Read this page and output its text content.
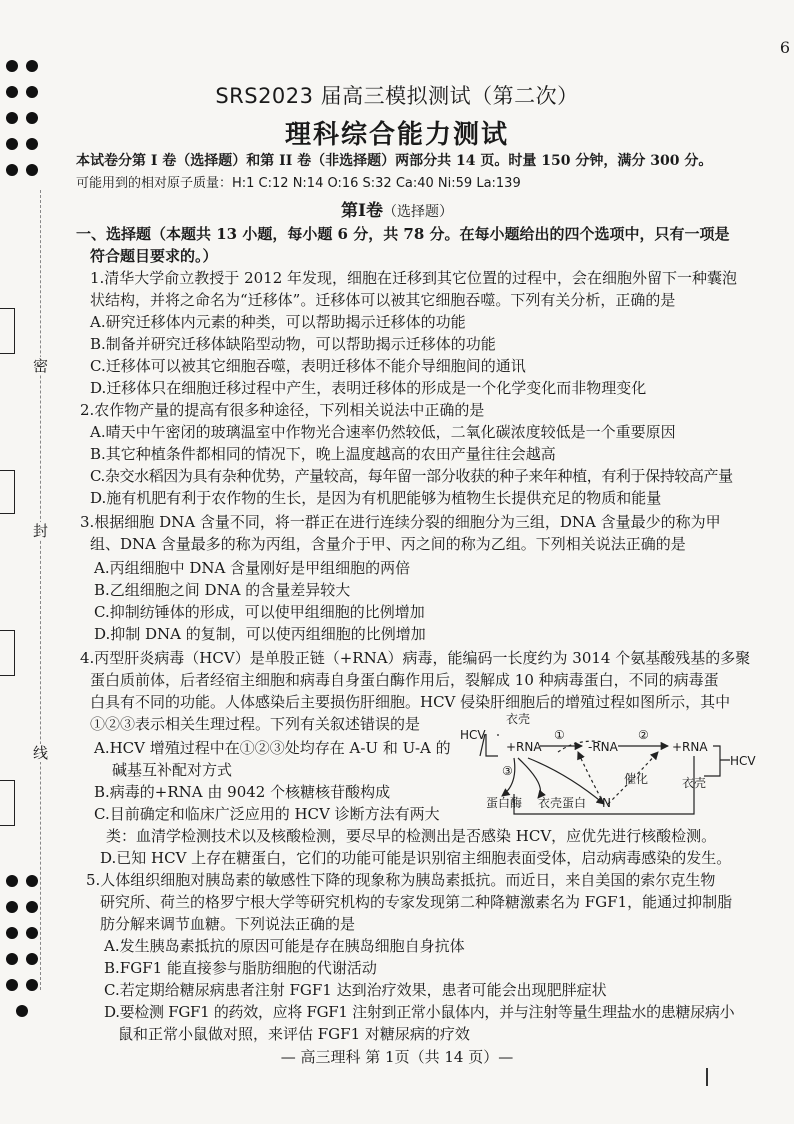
密
封
线
6
SRS2023 届高三模拟测试（第二次）
理科综合能力测试
本试卷分第 I 卷（选择题）和第 II 卷（非选择题）两部分共 14 页。时量 150 分钟，满分 300 分。
可能用到的相对原子质量：H:1 C:12 N:14 O:16 S:32 Ca:40 Ni:59 La:139
第Ⅰ卷（选择题）
一、选择题（本题共 13 小题，每小题 6 分，共 78 分。在每小题给出的四个选项中，只有一项是
符合题目要求的。）
1.清华大学俞立教授于 2012 年发现，细胞在迁移到其它位置的过程中，会在细胞外留下一种囊泡
状结构，并将之命名为“迁移体”。迁移体可以被其它细胞吞噬。下列有关分析，正确的是
A.研究迁移体内元素的种类，可以帮助揭示迁移体的功能
B.制备并研究迁移体缺陷型动物，可以帮助揭示迁移体的功能
C.迁移体可以被其它细胞吞噬，表明迁移体不能介导细胞间的通讯
D.迁移体只在细胞迁移过程中产生，表明迁移体的形成是一个化学变化而非物理变化
2.农作物产量的提高有很多种途径，下列相关说法中正确的是
A.晴天中午密闭的玻璃温室中作物光合速率仍然较低，二氧化碳浓度较低是一个重要原因
B.其它种植条件都相同的情况下，晚上温度越高的农田产量往往会越高
C.杂交水稻因为具有杂种优势，产量较高，每年留一部分收获的种子来年种植，有利于保持较高产量
D.施有机肥有利于农作物的生长，是因为有机肥能够为植物生长提供充足的物质和能量
3.根据细胞 DNA 含量不同，将一群正在进行连续分裂的细胞分为三组，DNA 含量最少的称为甲
组、DNA 含量最多的称为丙组，含量介于甲、丙之间的称为乙组。下列相关说法正确的是
A.丙组细胞中 DNA 含量刚好是甲组细胞的两倍
B.乙组细胞之间 DNA 的含量差异较大
C.抑制纺锤体的形成，可以使甲组细胞的比例增加
D.抑制 DNA 的复制，可以使丙组细胞的比例增加
4.丙型肝炎病毒（HCV）是单股正链（+RNA）病毒，能编码一长度约为 3014 个氨基酸残基的多聚
蛋白质前体，后者经宿主细胞和病毒自身蛋白酶作用后，裂解成 10 种病毒蛋白，不同的病毒蛋
白具有不同的功能。人体感染后主要损伤肝细胞。HCV 侵染肝细胞后的增殖过程如图所示，其中
①②③表示相关生理过程。下列有关叙述错误的是
A.HCV 增殖过程中在①②③处均存在 A-U 和 U-A 的
碱基互补配对方式
B.病毒的+RNA 由 9042 个核糖核苷酸构成
C.目前确定和临床广泛应用的 HCV 诊断方法有两大
类：血清学检测技术以及核酸检测，要尽早的检测出是否感染 HCV，应优先进行核酸检测。
D.已知 HCV 上存在糖蛋白，它们的功能可能是识别宿主细胞表面受体，启动病毒感染的发生。
5.人体组织细胞对胰岛素的敏感性下降的现象称为胰岛素抵抗。而近日，来自美国的索尔克生物
研究所、荷兰的格罗宁根大学等研究机构的专家发现第二种降糖激素名为 FGF1，能通过抑制脂
肪分解来调节血糖。下列说法正确的是
A.发生胰岛素抵抗的原因可能是存在胰岛细胞自身抗体
B.FGF1 能直接参与脂肪细胞的代谢活动
C.若定期给糖尿病患者注射 FGF1 达到治疗效果，患者可能会出现肥胖症状
D.要检测 FGF1 的药效，应将 FGF1 注射到正常小鼠体内，并与注射等量生理盐水的患糖尿病小
鼠和正常小鼠做对照，来评估 FGF1 对糖尿病的疗效
HCV
衣壳
+RNA
①
-RNA
②
+RNA
HCV
③
催化	衣壳
蛋白酶 衣壳蛋白 N
— 高三理科 第 1页（共 14 页）—
